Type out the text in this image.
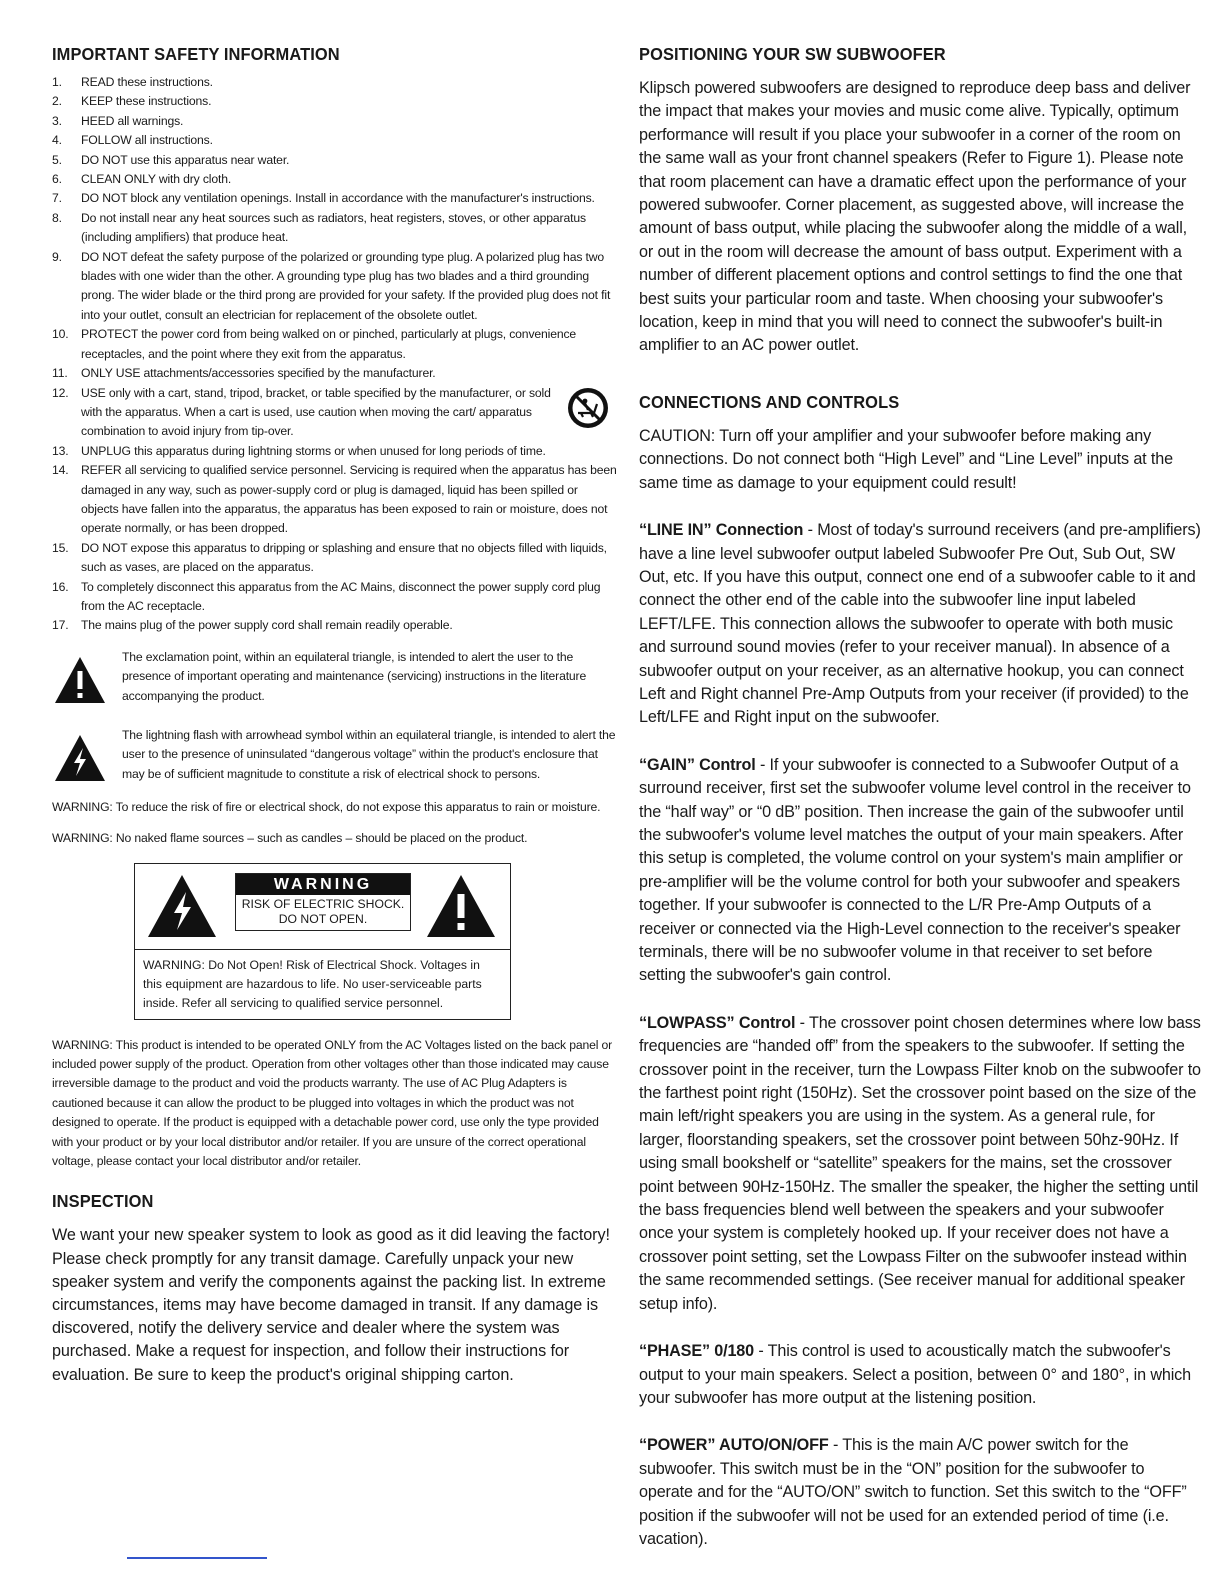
IMPORTANT SAFETY INFORMATION
1. READ these instructions.
2. KEEP these instructions.
3. HEED all warnings.
4. FOLLOW all instructions.
5. DO NOT use this apparatus near water.
6. CLEAN ONLY with dry cloth.
7. DO NOT block any ventilation openings. Install in accordance with the manufacturer's instructions.
8. Do not install near any heat sources such as radiators, heat registers, stoves, or other apparatus (including amplifiers) that produce heat.
9. DO NOT defeat the safety purpose of the polarized or grounding type plug. A polarized plug has two blades with one wider than the other. A grounding type plug has two blades and a third grounding prong. The wider blade or the third prong are provided for your safety. If the provided plug does not fit into your outlet, consult an electrician for replacement of the obsolete outlet.
10. PROTECT the power cord from being walked on or pinched, particularly at plugs, convenience receptacles, and the point where they exit from the apparatus.
11. ONLY USE attachments/accessories specified by the manufacturer.
12. USE only with a cart, stand, tripod, bracket, or table specified by the manufacturer, or sold with the apparatus. When a cart is used, use caution when moving the cart/ apparatus combination to avoid injury from tip-over.
13. UNPLUG this apparatus during lightning storms or when unused for long periods of time.
14. REFER all servicing to qualified service personnel. Servicing is required when the apparatus has been damaged in any way, such as power-supply cord or plug is damaged, liquid has been spilled or objects have fallen into the apparatus, the apparatus has been exposed to rain or moisture, does not operate normally, or has been dropped.
15. DO NOT expose this apparatus to dripping or splashing and ensure that no objects filled with liquids, such as vases, are placed on the apparatus.
16. To completely disconnect this apparatus from the AC Mains, disconnect the power supply cord plug from the AC receptacle.
17. The mains plug of the power supply cord shall remain readily operable.
The exclamation point, within an equilateral triangle, is intended to alert the user to the presence of important operating and maintenance (servicing) instructions in the literature accompanying the product.
The lightning flash with arrowhead symbol within an equilateral triangle, is intended to alert the user to the presence of uninsulated “dangerous voltage” within the product's enclosure that may be of sufficient magnitude to constitute a risk of electrical shock to persons.
WARNING: To reduce the risk of fire or electrical shock, do not expose this apparatus to rain or moisture.
WARNING: No naked flame sources – such as candles – should be placed on the product.
WARNING
RISK OF ELECTRIC SHOCK.
DO NOT OPEN.
WARNING: Do Not Open! Risk of Electrical Shock. Voltages in this equipment are hazardous to life. No user-serviceable parts inside. Refer all servicing to qualified service personnel.
WARNING: This product is intended to be operated ONLY from the AC Voltages listed on the back panel or included power supply of the product. Operation from other voltages other than those indicated may cause irreversible damage to the product and void the products warranty. The use of AC Plug Adapters is cautioned because it can allow the product to be plugged into voltages in which the product was not designed to operate. If the product is equipped with a detachable power cord, use only the type provided with your product or by your local distributor and/or retailer. If you are unsure of the correct operational voltage, please contact your local distributor and/or retailer.
INSPECTION

We want your new speaker system to look as good as it did leaving the factory! Please check promptly for any transit damage. Carefully unpack your new speaker system and verify the components against the packing list. In extreme circumstances, items may have become damaged in transit. If any damage is discovered, notify the delivery service and dealer where the system was purchased. Make a request for inspection, and follow their instructions for evaluation. Be sure to keep the product's original shipping carton.

POSITIONING YOUR SW SUBWOOFER

Klipsch powered subwoofers are designed to reproduce deep bass and deliver the impact that makes your movies and music come alive. Typically, optimum performance will result if you place your subwoofer in a corner of the room on the same wall as your front channel speakers (Refer to Figure 1). Please note that room placement can have a dramatic effect upon the performance of your powered subwoofer. Corner placement, as suggested above, will increase the amount of bass output, while placing the subwoofer along the middle of a wall, or out in the room will decrease the amount of bass output. Experiment with a number of different placement options and control settings to find the one that best suits your particular room and taste. When choosing your subwoofer's location, keep in mind that you will need to connect the subwoofer's built-in amplifier to an AC power outlet.

CONNECTIONS AND CONTROLS

CAUTION: Turn off your amplifier and your subwoofer before making any connections. Do not connect both “High Level” and “Line Level” inputs at the same time as damage to your equipment could result!

“LINE IN” Connection - Most of today's surround receivers (and pre-amplifiers) have a line level subwoofer output labeled Subwoofer Pre Out, Sub Out, SW Out, etc. If you have this output, connect one end of a subwoofer cable to it and connect the other end of the cable into the subwoofer line input labeled LEFT/LFE. This connection allows the subwoofer to operate with both music and surround sound movies (refer to your receiver manual). In absence of a subwoofer output on your receiver, as an alternative hookup, you can connect Left and Right channel Pre-Amp Outputs from your receiver (if provided) to the Left/LFE and Right input on the subwoofer.

“GAIN” Control - If your subwoofer is connected to a Subwoofer Output of a surround receiver, first set the subwoofer volume level control in the receiver to the “half way” or “0 dB” position. Then increase the gain of the subwoofer until the subwoofer's volume level matches the output of your main speakers. After this setup is completed, the volume control on your system's main amplifier or pre-amplifier will be the volume control for both your subwoofer and speakers together. If your subwoofer is connected to the L/R Pre-Amp Outputs of a receiver or connected via the High-Level connection to the receiver's speaker terminals, there will be no subwoofer volume in that receiver to set before setting the subwoofer's gain control.

“LOWPASS” Control - The crossover point chosen determines where low bass frequencies are “handed off” from the speakers to the subwoofer. If setting the crossover point in the receiver, turn the Lowpass Filter knob on the subwoofer to the farthest point right (150Hz). Set the crossover point based on the size of the main left/right speakers you are using in the system. As a general rule, for larger, floorstanding speakers, set the crossover point between 50hz-90Hz. If using small bookshelf or “satellite” speakers for the mains, set the crossover point between 90Hz-150Hz. The smaller the speaker, the higher the setting until the bass frequencies blend well between the speakers and your subwoofer once your system is completely hooked up. If your receiver does not have a crossover point setting, set the Lowpass Filter on the subwoofer instead within the same recommended settings. (See receiver manual for additional speaker setup info).

“PHASE” 0/180 - This control is used to acoustically match the subwoofer's output to your main speakers. Select a position, between 0° and 180°, in which your subwoofer has more output at the listening position.

“POWER” AUTO/ON/OFF - This is the main A/C power switch for the subwoofer. This switch must be in the “ON” position for the subwoofer to operate and for the “AUTO/ON” switch to function. Set this switch to the “OFF” position if the subwoofer will not be used for an extended period of time (i.e. vacation).
